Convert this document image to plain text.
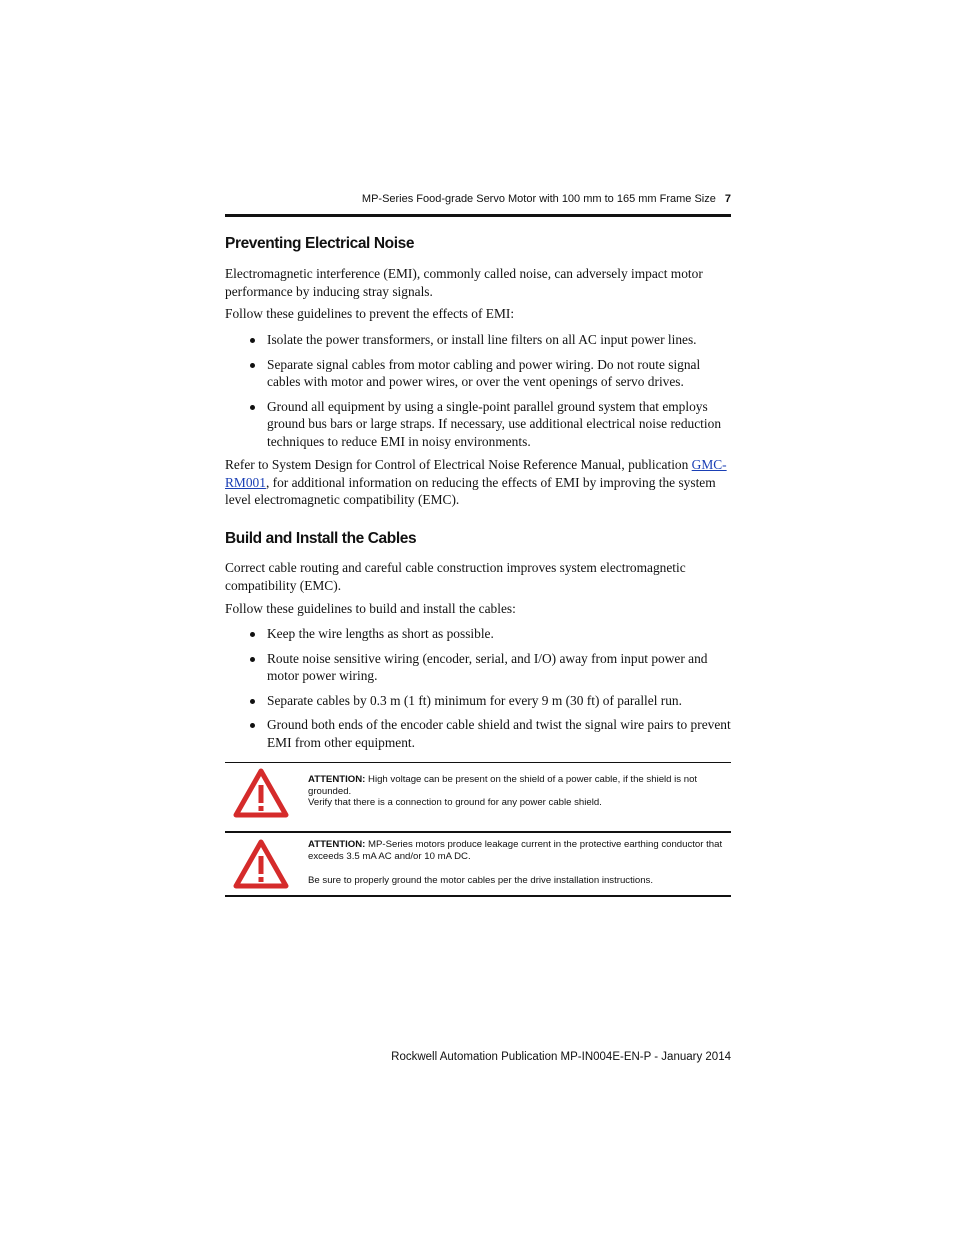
MP-Series Food-grade Servo Motor with 100 mm to 165 mm Frame Size 7
Preventing Electrical Noise
Electromagnetic interference (EMI), commonly called noise, can adversely impact motor performance by inducing stray signals.
Follow these guidelines to prevent the effects of EMI:
Isolate the power transformers, or install line filters on all AC input power lines.
Separate signal cables from motor cabling and power wiring. Do not route signal cables with motor and power wires, or over the vent openings of servo drives.
Ground all equipment by using a single-point parallel ground system that employs ground bus bars or large straps. If necessary, use additional electrical noise reduction techniques to reduce EMI in noisy environments.
Refer to System Design for Control of Electrical Noise Reference Manual, publication GMC-RM001, for additional information on reducing the effects of EMI by improving the system level electromagnetic compatibility (EMC).
Build and Install the Cables
Correct cable routing and careful cable construction improves system electromagnetic compatibility (EMC).
Follow these guidelines to build and install the cables:
Keep the wire lengths as short as possible.
Route noise sensitive wiring (encoder, serial, and I/O) away from input power and motor power wiring.
Separate cables by 0.3 m (1 ft) minimum for every 9 m (30 ft) of parallel run.
Ground both ends of the encoder cable shield and twist the signal wire pairs to prevent EMI from other equipment.
ATTENTION: High voltage can be present on the shield of a power cable, if the shield is not grounded.
Verify that there is a connection to ground for any power cable shield.
ATTENTION: MP-Series motors produce leakage current in the protective earthing conductor that exceeds 3.5 mA AC and/or 10 mA DC.
Be sure to properly ground the motor cables per the drive installation instructions.
Rockwell Automation Publication MP-IN004E-EN-P - January 2014
